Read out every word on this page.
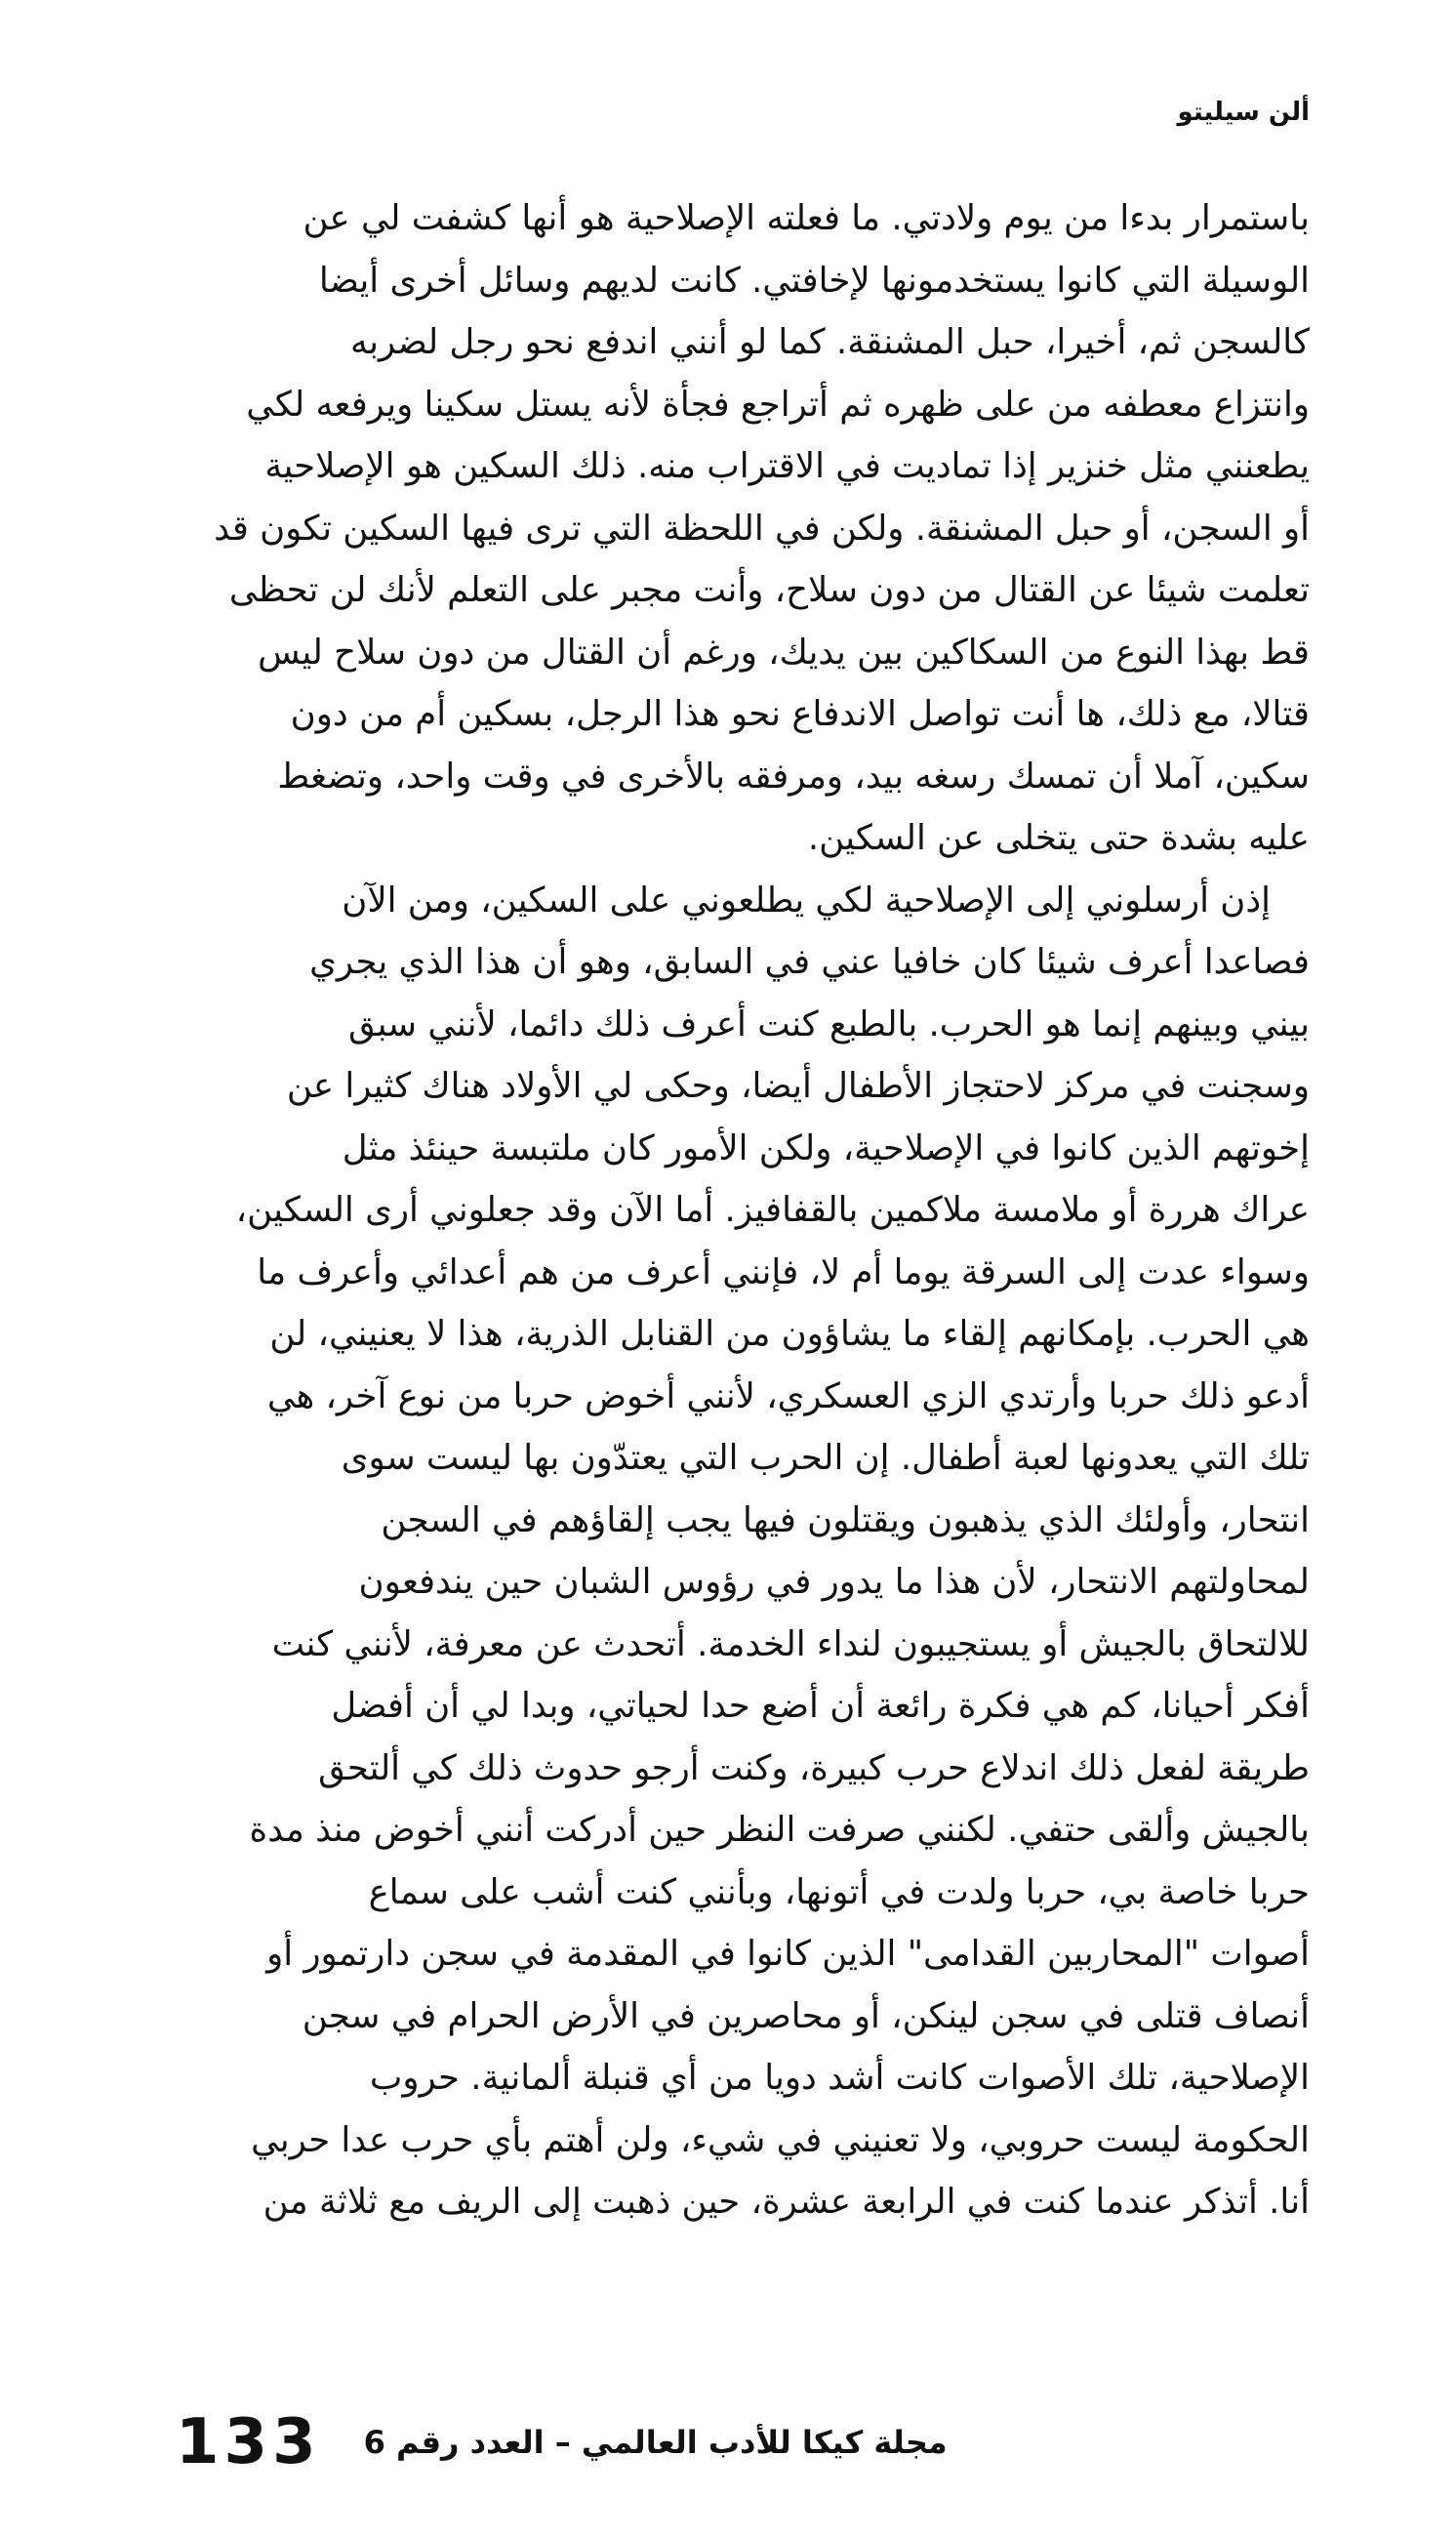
ألن سيليتو
باستمرار بدءا من يوم ولادتي. ما فعلته الإصلاحية هو أنها كشفت لي عن
الوسيلة التي كانوا يستخدمونها لإخافتي. كانت لديهم وسائل أخرى أيضا
كالسجن ثم، أخيرا، حبل المشنقة. كما لو أنني اندفع نحو رجل لضربه
وانتزاع معطفه من على ظهره ثم أتراجع فجأة لأنه يستل سكينا ويرفعه لكي
يطعنني مثل خنزير إذا تماديت في الاقتراب منه. ذلك السكين هو الإصلاحية
أو السجن، أو حبل المشنقة. ولكن في اللحظة التي ترى فيها السكين تكون قد
تعلمت شيئا عن القتال من دون سلاح، وأنت مجبر على التعلم لأنك لن تحظى
قط بهذا النوع من السكاكين بين يديك، ورغم أن القتال من دون سلاح ليس
قتالا، مع ذلك، ها أنت تواصل الاندفاع نحو هذا الرجل، بسكين أم من دون
سكين، آملا أن تمسك رسغه بيد، ومرفقه بالأخرى في وقت واحد، وتضغط
عليه بشدة حتى يتخلى عن السكين.
إذن أرسلوني إلى الإصلاحية لكي يطلعوني على السكين، ومن الآن
فصاعدا أعرف شيئا كان خافيا عني في السابق، وهو أن هذا الذي يجري
بيني وبينهم إنما هو الحرب. بالطبع كنت أعرف ذلك دائما، لأنني سبق
وسجنت في مركز لاحتجاز الأطفال أيضا، وحكى لي الأولاد هناك كثيرا عن
إخوتهم الذين كانوا في الإصلاحية، ولكن الأمور كان ملتبسة حينئذ مثل
عراك هررة أو ملامسة ملاكمين بالقفافيز. أما الآن وقد جعلوني أرى السكين،
وسواء عدت إلى السرقة يوما أم لا، فإنني أعرف من هم أعدائي وأعرف ما
هي الحرب. بإمكانهم إلقاء ما يشاؤون من القنابل الذرية، هذا لا يعنيني، لن
أدعو ذلك حربا وأرتدي الزي العسكري، لأنني أخوض حربا من نوع آخر، هي
تلك التي يعدونها لعبة أطفال. إن الحرب التي يعتدّون بها ليست سوى
انتحار، وأولئك الذي يذهبون ويقتلون فيها يجب إلقاؤهم في السجن
لمحاولتهم الانتحار، لأن هذا ما يدور في رؤوس الشبان حين يندفعون
للالتحاق بالجيش أو يستجيبون لنداء الخدمة. أتحدث عن معرفة، لأنني كنت
أفكر أحيانا، كم هي فكرة رائعة أن أضع حدا لحياتي، وبدا لي أن أفضل
طريقة لفعل ذلك اندلاع حرب كبيرة، وكنت أرجو حدوث ذلك كي ألتحق
بالجيش وألقى حتفي. لكنني صرفت النظر حين أدركت أنني أخوض منذ مدة
حربا خاصة بي، حربا ولدت في أتونها، وبأنني كنت أشب على سماع
أصوات "المحاربين القدامى" الذين كانوا في المقدمة في سجن دارتمور أو
أنصاف قتلى في سجن لينكن، أو محاصرين في الأرض الحرام في سجن
الإصلاحية، تلك الأصوات كانت أشد دويا من أي قنبلة ألمانية. حروب
الحكومة ليست حروبي، ولا تعنيني في شيء، ولن أهتم بأي حرب عدا حربي
أنا. أتذكر عندما كنت في الرابعة عشرة، حين ذهبت إلى الريف مع ثلاثة من
133 مجلة كيكا للأدب العالمي – العدد رقم 6
